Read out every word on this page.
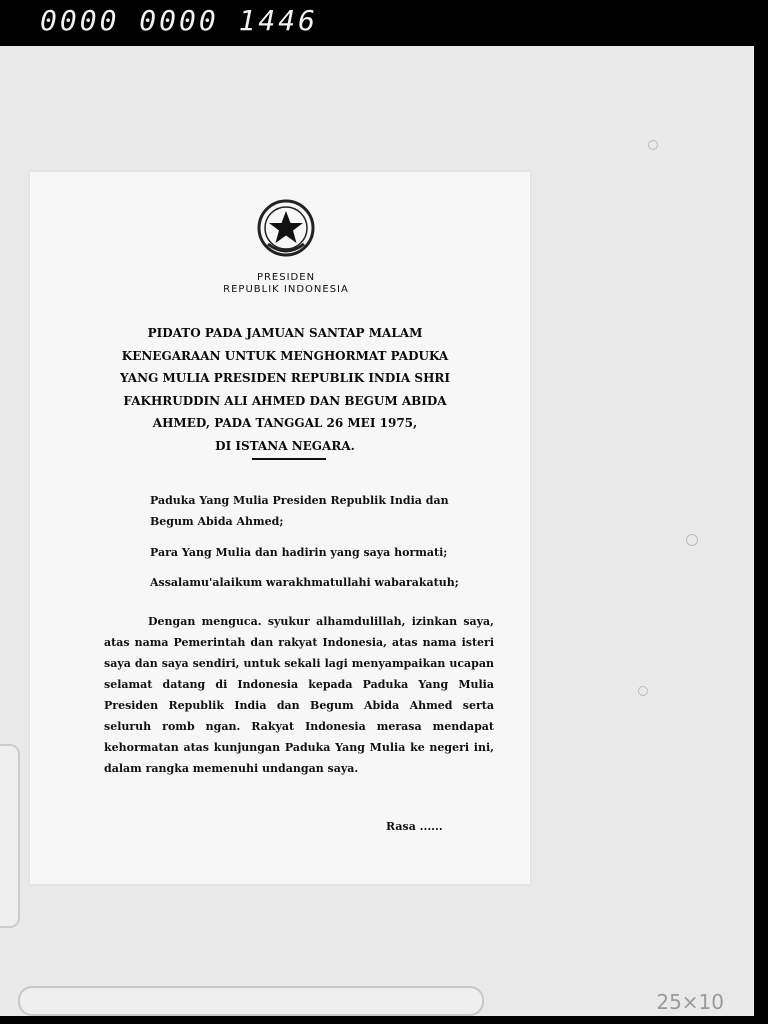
0000 0000 1446
25×10
PRESIDEN
REPUBLIK INDONESIA
PIDATO PADA JAMUAN SANTAP MALAM
KENEGARAAN UNTUK MENGHORMAT PADUKA
YANG MULIA PRESIDEN REPUBLIK INDIA SHRI
FAKHRUDDIN ALI AHMED DAN BEGUM ABIDA
AHMED, PADA TANGGAL 26 MEI 1975,
DI ISTANA NEGARA.

Paduka Yang Mulia Presiden Republik India dan Begum Abida Ahmed;

Para Yang Mulia dan hadirin yang saya hormati;

Assalamu'alaikum warakhmatullahi wabarakatuh;

Dengan menguca. syukur alhamdulillah, izinkan saya, atas nama Pemerintah dan rakyat Indonesia, atas nama isteri saya dan saya sendiri, untuk sekali lagi menyampaikan ucapan selamat datang di Indonesia kepada Paduka Yang Mulia Presiden Republik India dan Begum Abida Ahmed serta seluruh romb ngan. Rakyat Indonesia merasa mendapat kehormatan atas kunjungan Paduka Yang Mulia ke negeri ini, dalam rangka memenuhi undangan saya.

Rasa ......
